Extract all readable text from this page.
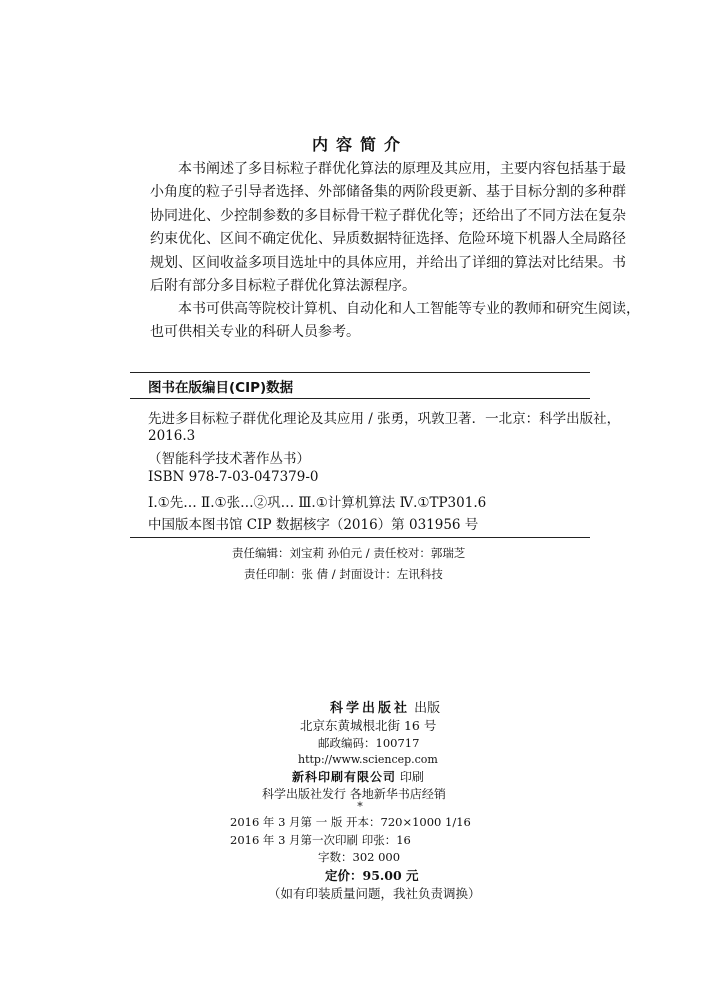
内容简介

本书阐述了多目标粒子群优化算法的原理及其应用，主要内容包括基于最
小角度的粒子引导者选择、外部储备集的两阶段更新、基于目标分割的多种群
协同进化、少控制参数的多目标骨干粒子群优化等；还给出了不同方法在复杂
约束优化、区间不确定优化、异质数据特征选择、危险环境下机器人全局路径
规划、区间收益多项目选址中的具体应用，并给出了详细的算法对比结果。书
后附有部分多目标粒子群优化算法源程序。

本书可供高等院校计算机、自动化和人工智能等专业的教师和研究生阅读，
也可供相关专业的科研人员参考。

图书在版编目(CIP)数据
先进多目标粒子群优化理论及其应用 / 张勇，巩敦卫著．一北京：科学出版社，
2016.3
（智能科学技术著作丛书）
ISBN 978-7-03-047379-0
Ⅰ.①先… Ⅱ.①张…②巩… Ⅲ.①计算机算法 Ⅳ.①TP301.6
中国版本图书馆 CIP 数据核字（2016）第 031956 号
责任编辑：刘宝莉 孙伯元 / 责任校对：郭瑞芝
责任印制：张 倩 / 封面设计：左讯科技
科学出版社 出版
北京东黄城根北街 16 号
邮政编码：100717
http://www.sciencep.com
新科印刷有限公司 印刷
科学出版社发行 各地新华书店经销
*
2016 年 3 月第 一 版 开本：720×1000 1/16
2016 年 3 月第一次印刷 印张：16
字数：302 000
定价：95.00 元
（如有印装质量问题，我社负责调换）
